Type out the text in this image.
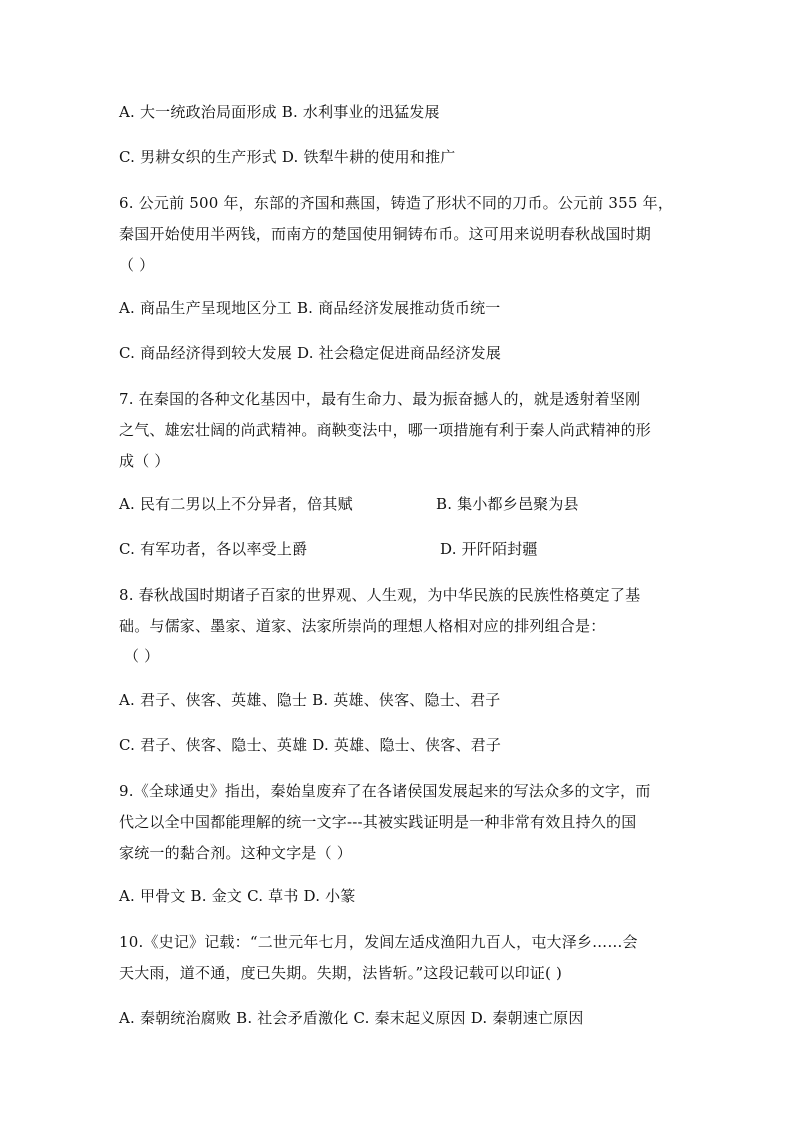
A. 大一统政治局面形成 B. 水利事业的迅猛发展
C. 男耕女织的生产形式 D. 铁犁牛耕的使用和推广
6. 公元前 500 年，东部的齐国和燕国，铸造了形状不同的刀币。公元前 355 年，
秦国开始使用半两钱，而南方的楚国使用铜铸布币。这可用来说明春秋战国时期
（ ）
A. 商品生产呈现地区分工 B. 商品经济发展推动货币统一
C. 商品经济得到较大发展 D. 社会稳定促进商品经济发展
7. 在秦国的各种文化基因中，最有生命力、最为振奋撼人的，就是透射着坚刚
之气、雄宏壮阔的尚武精神。商鞅变法中，哪一项措施有利于秦人尚武精神的形
成（ ）
A. 民有二男以上不分异者，倍其赋	B. 集小都乡邑聚为县
C. 有军功者，各以率受上爵	D. 开阡陌封疆
8. 春秋战国时期诸子百家的世界观、人生观，为中华民族的民族性格奠定了基
础。与儒家、墨家、道家、法家所崇尚的理想人格相对应的排列组合是：
（ ）
A. 君子、侠客、英雄、隐士 B. 英雄、侠客、隐士、君子
C. 君子、侠客、隐士、英雄 D. 英雄、隐士、侠客、君子
9.《全球通史》指出，秦始皇废弃了在各诸侯国发展起来的写法众多的文字，而
代之以全中国都能理解的统一文字---其被实践证明是一种非常有效且持久的国
家统一的黏合剂。这种文字是（ ）
A. 甲骨文 B. 金文 C. 草书 D. 小篆
10.《史记》记载：“二世元年七月，发闾左适戍渔阳九百人，屯大泽乡……会
天大雨，道不通，度已失期。失期，法皆斩。”这段记载可以印证( )
A. 秦朝统治腐败 B. 社会矛盾激化 C. 秦末起义原因 D. 秦朝速亡原因
